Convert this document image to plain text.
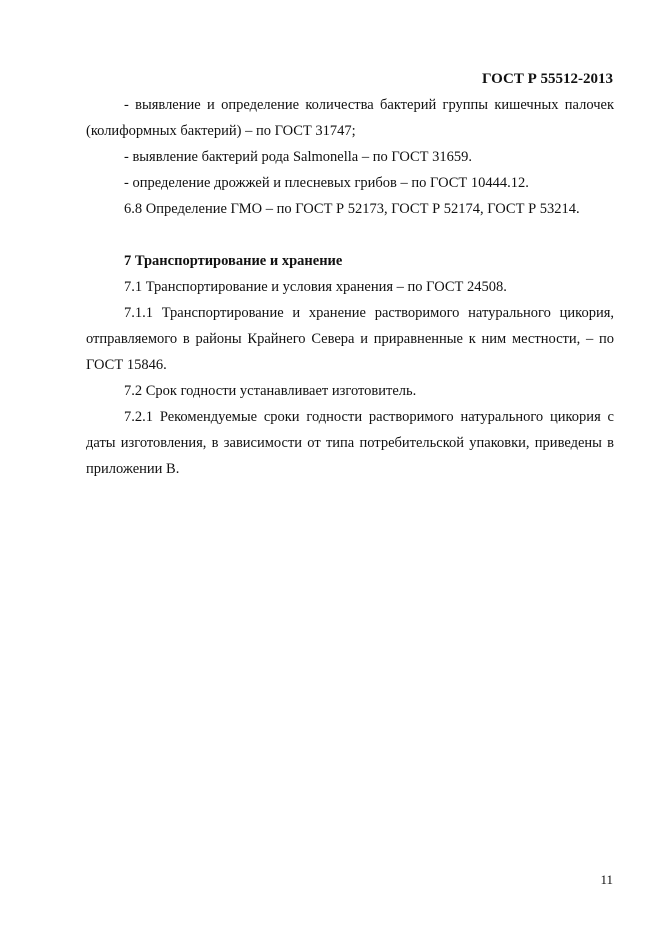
ГОСТ Р 55512-2013

- выявление и определение количества бактерий группы кишечных палочек (колиформных бактерий) – по ГОСТ 31747;

- выявление бактерий рода Salmonella – по ГОСТ 31659.

- определение дрожжей и плесневых грибов – по ГОСТ 10444.12.

6.8 Определение ГМО – по ГОСТ Р 52173, ГОСТ Р 52174, ГОСТ Р 53214.

7 Транспортирование и хранение

7.1 Транспортирование и условия хранения – по ГОСТ 24508.

7.1.1 Транспортирование и хранение растворимого натурального цикория, отправляемого в районы Крайнего Севера и приравненные к ним местности, – по ГОСТ 15846.

7.2 Срок годности устанавливает изготовитель.

7.2.1 Рекомендуемые сроки годности растворимого натурального цикория с даты изготовления, в зависимости от типа потребительской упаковки, приведены в приложении В.

11
